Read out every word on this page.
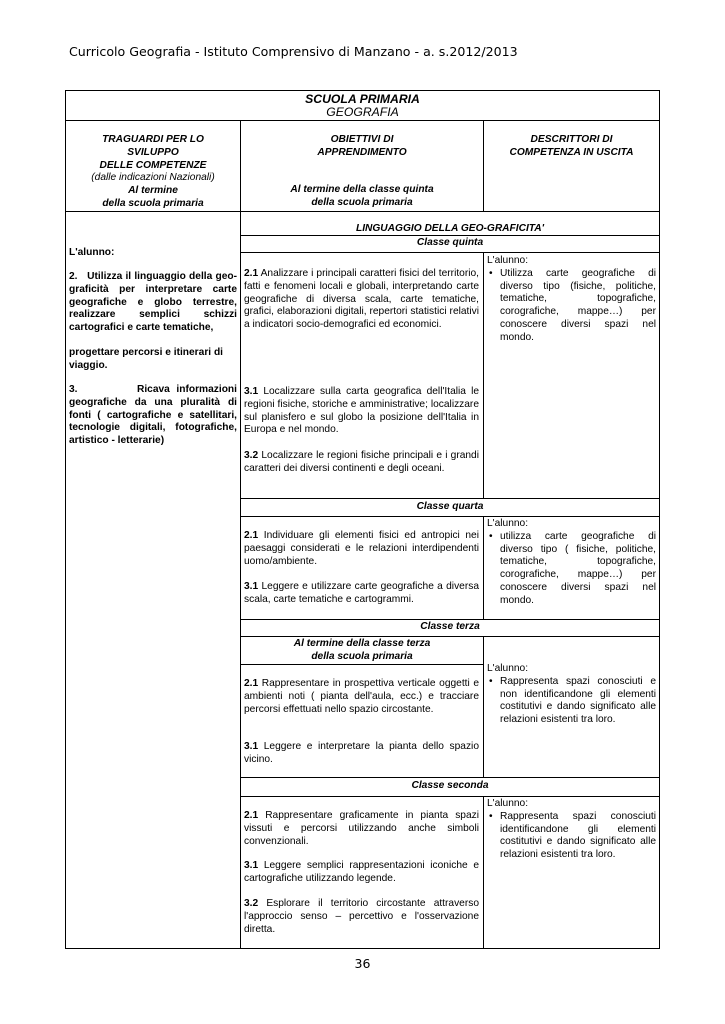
Curricolo Geografia - Istituto Comprensivo di Manzano - a. s.2012/2013
SCUOLA PRIMARIA
GEOGRAFIA

TRAGUARDI PER LO

SVILUPPO

DELLE COMPETENZE

(dalle indicazioni Nazionali)

Al termine

della scuola primaria

OBIETTIVI DI

APPRENDIMENTO

Al termine della classe quinta

della scuola primaria

DESCRITTORI DI

COMPETENZA IN USCITA

L'alunno:
2. Utilizza il linguaggio della geo-graficità per interpretare carte geografiche e globo terrestre, realizzare semplici schizzi cartografici e carte tematiche,
progettare percorsi e itinerari di viaggio.
3.	Ricava informazioni geografiche da una pluralità di fonti ( cartografiche e satellitari, tecnologie digitali, fotografiche, artistico - letterarie)
LINGUAGGIO DELLA GEO-GRAFICITA'
Classe quinta
2.1 Analizzare i principali caratteri fisici del territorio, fatti e fenomeni locali e globali, interpretando carte geografiche di diversa scala, carte tematiche, grafici, elaborazioni digitali, repertori statistici relativi a indicatori socio-demografici ed economici.
3.1 Localizzare sulla carta geografica dell'Italia le regioni fisiche, storiche e amministrative; localizzare sul planisfero e sul globo la posizione dell'Italia in Europa e nel mondo.
3.2 Localizzare le regioni fisiche principali e i grandi caratteri dei diversi continenti e degli oceani.

L'alunno:

• Utilizza carte geografiche di diverso tipo (fisiche, politiche, tematiche, topografiche, corografiche, mappe…) per conoscere diversi spazi nel mondo.

Classe quarta
2.1 Individuare gli elementi fisici ed antropici nei paesaggi considerati e le relazioni interdipendenti uomo/ambiente.
3.1 Leggere e utilizzare carte geografiche a diversa scala, carte tematiche e cartogrammi.

L'alunno:

• utilizza carte geografiche di diverso tipo ( fisiche, politiche, tematiche, topografiche, corografiche, mappe…) per conoscere diversi spazi nel mondo.

Classe terza

Al termine della classe terza

della scuola primaria

2.1 Rappresentare in prospettiva verticale oggetti e ambienti noti ( pianta dell'aula, ecc.) e tracciare percorsi effettuati nello spazio circostante.
3.1 Leggere e interpretare la pianta dello spazio vicino.

L'alunno:

• Rappresenta spazi conosciuti e non identificandone gli elementi costitutivi e dando significato alle relazioni esistenti tra loro.

Classe seconda
2.1 Rappresentare graficamente in pianta spazi vissuti e percorsi utilizzando anche simboli convenzionali.
3.1 Leggere semplici rappresentazioni iconiche e cartografiche utilizzando legende.
3.2 Esplorare il territorio circostante attraverso l'approccio senso – percettivo e l'osservazione diretta.

L'alunno:

• Rappresenta spazi conosciuti identificandone gli elementi costitutivi e dando significato alle relazioni esistenti tra loro.

36
